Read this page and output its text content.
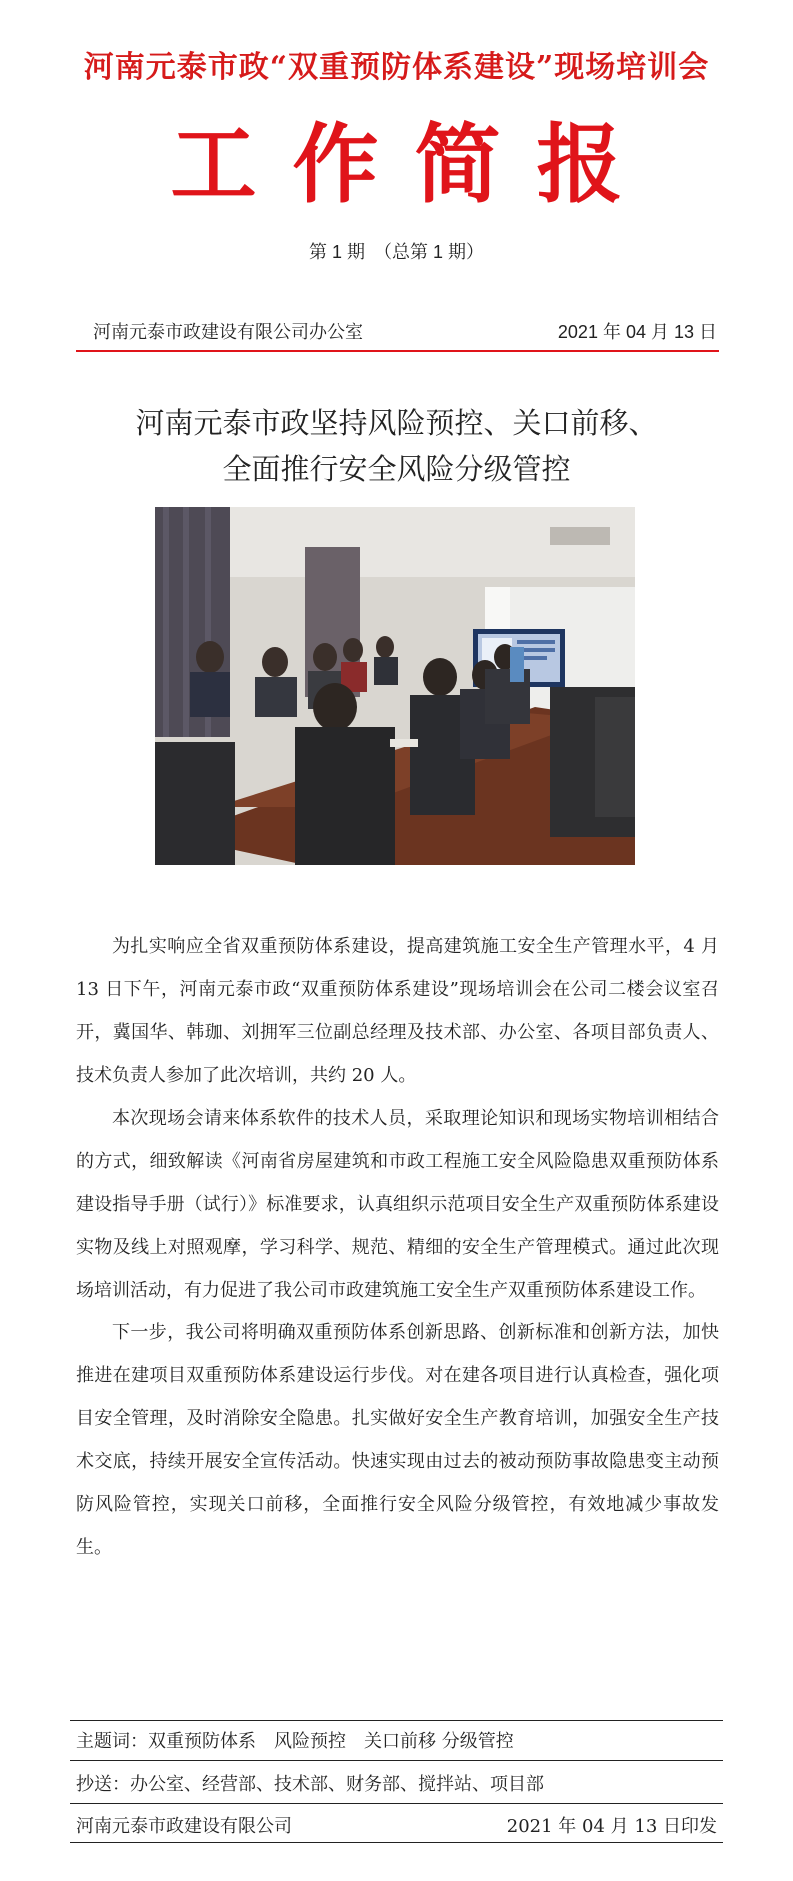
河南元泰市政“双重预防体系建设”现场培训会
工作简报
第 1 期　（总第 1 期）
河南元泰市政建设有限公司办公室	2021 年 04 月 13 日
河南元泰市政坚持风险预控、关口前移、
全面推行安全风险分级管控
为扎实响应全省双重预防体系建设，提高建筑施工安全生产管理水平，4 月 13 日下午，河南元泰市政“双重预防体系建设”现场培训会在公司二楼会议室召开，冀国华、韩珈、刘拥军三位副总经理及技术部、办公室、各项目部负责人、技术负责人参加了此次培训，共约 20 人。
本次现场会请来体系软件的技术人员，采取理论知识和现场实物培训相结合的方式，细致解读《河南省房屋建筑和市政工程施工安全风险隐患双重预防体系建设指导手册（试行）》标准要求，认真组织示范项目安全生产双重预防体系建设实物及线上对照观摩，学习科学、规范、精细的安全生产管理模式。通过此次现场培训活动，有力促进了我公司市政建筑施工安全生产双重预防体系建设工作。
下一步，我公司将明确双重预防体系创新思路、创新标准和创新方法，加快推进在建项目双重预防体系建设运行步伐。对在建各项目进行认真检查，强化项目安全管理，及时消除安全隐患。扎实做好安全生产教育培训，加强安全生产技术交底，持续开展安全宣传活动。快速实现由过去的被动预防事故隐患变主动预防风险管控，实现关口前移，全面推行安全风险分级管控，有效地减少事故发生。
主题词：双重预防体系　风险预控　关口前移 分级管控
抄送：办公室、经营部、技术部、财务部、搅拌站、项目部
河南元泰市政建设有限公司	2021 年 04 月 13 日印发
